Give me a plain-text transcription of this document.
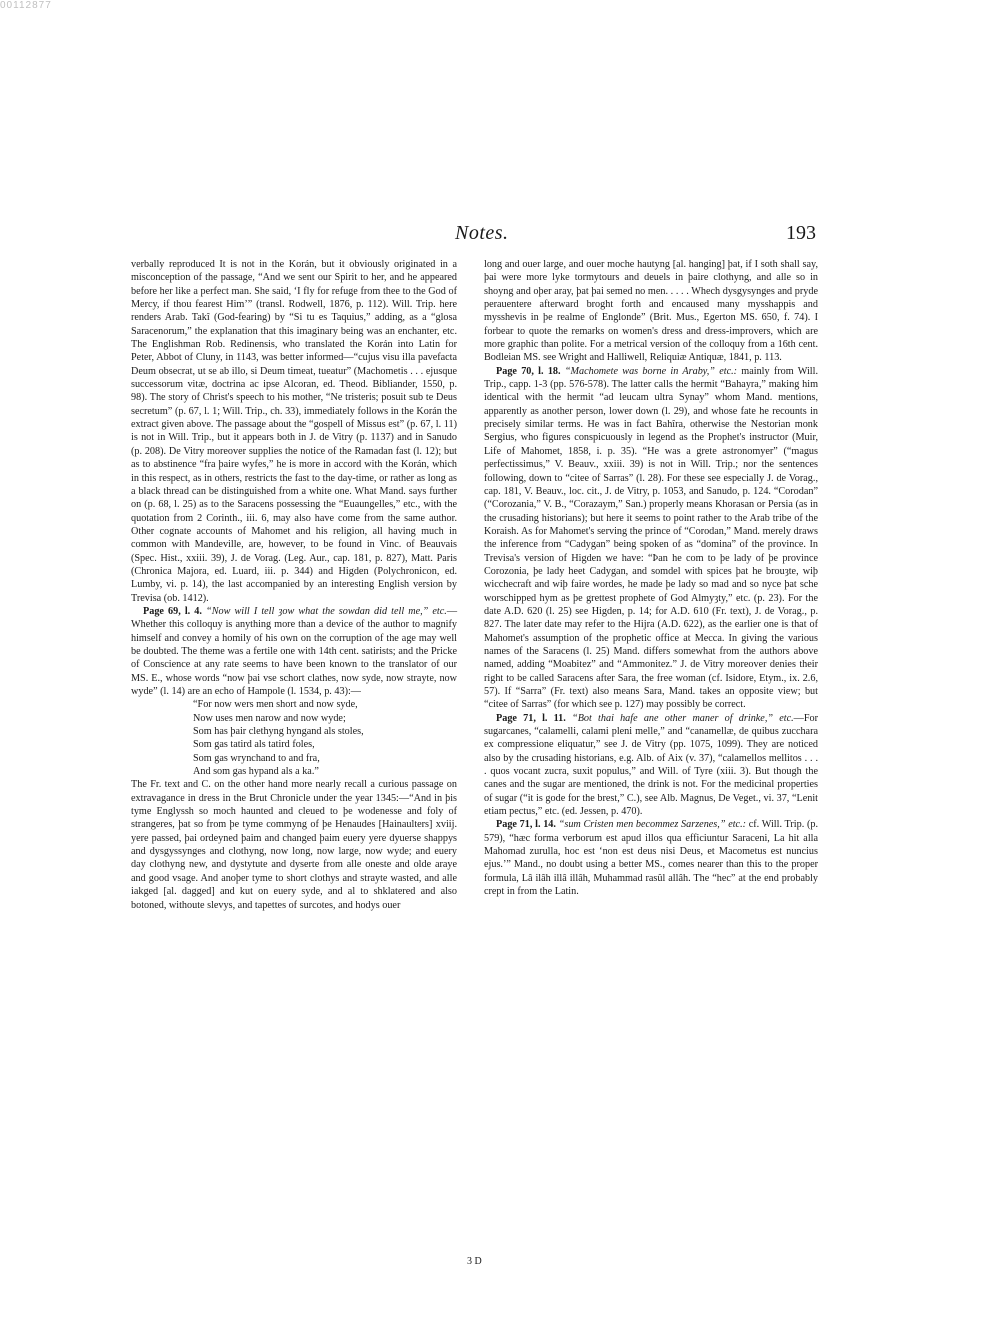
00112877
Notes.	193

verbally reproduced It is not in the Korán, but it obviously originated in a misconception of the passage, “And we sent our Spirit to her, and he appeared before her like a perfect man. She said, ‘I fly for refuge from thee to the God of Mercy, if thou fearest Him’” (transl. Rodwell, 1876, p. 112). Will. Trip. here renders Arab. Takî (God-fearing) by “Si tu es Taquius,” adding, as a “glosa Saracenorum,” the explanation that this imaginary being was an enchanter, etc. The Englishman Rob. Redinensis, who translated the Korán into Latin for Peter, Abbot of Cluny, in 1143, was better informed—“cujus visu illa pavefacta Deum obsecrat, ut se ab illo, si Deum timeat, tueatur” (Machometis . . . ejusque successorum vitæ, doctrina ac ipse Alcoran, ed. Theod. Bibliander, 1550, p. 98). The story of Christ's speech to his mother, “Ne tristeris; posuit sub te Deus secretum” (p. 67, l. 1; Will. Trip., ch. 33), immediately follows in the Korán the extract given above. The passage about the “gospell of Missus est” (p. 67, l. 11) is not in Will. Trip., but it appears both in J. de Vitry (p. 1137) and in Sanudo (p. 208). De Vitry moreover supplies the notice of the Ramadan fast (l. 12); but as to abstinence “fra þaire wyfes,” he is more in accord with the Korán, which in this respect, as in others, restricts the fast to the day-time, or rather as long as a black thread can be distinguished from a white one. What Mand. says further on (p. 68, l. 25) as to the Saracens possessing the “Euaungelles,” etc., with the quotation from 2 Corinth., iii. 6, may also have come from the same author. Other cognate accounts of Mahomet and his religion, all having much in common with Mandeville, are, however, to be found in Vinc. of Beauvais (Spec. Hist., xxiii. 39), J. de Vorag. (Leg. Aur., cap. 181, p. 827), Matt. Paris (Chronica Majora, ed. Luard, iii. p. 344) and Higden (Polychronicon, ed. Lumby, vi. p. 14), the last accompanied by an interesting English version by Trevisa (ob. 1412).

Page 69, l. 4. “Now will I tell ȝow what the sowdan did tell me,” etc.—Whether this colloquy is anything more than a device of the author to magnify himself and convey a homily of his own on the corruption of the age may well be doubted. The theme was a fertile one with 14th cent. satirists; and the Pricke of Conscience at any rate seems to have been known to the translator of our MS. E., whose words “now þai vse schort clathes, now syde, now strayte, now wyde” (l. 14) are an echo of Hampole (l. 1534, p. 43):—

“For now wers men short and now syde,
Now uses men narow and now wyde;
Som has þair clethyng hyngand als stoles,
Som gas tatird als tatird foles,
Som gas wrynchand to and fra,
And som gas hypand als a ka.”

The Fr. text and C. on the other hand more nearly recall a curious passage on extravagance in dress in the Brut Chronicle under the year 1345:—“And in þis tyme Englyssh so moch haunted and cleued to þe wodenesse and foly of strangeres, þat so from þe tyme commyng of þe Henaudes [Hainaulters] xviij. yere passed, þai ordeyned þaim and changed þaim euery yere dyuerse shappys and dysgyssynges and clothyng, now long, now large, now wyde; and euery day clothyng new, and dystytute and dyserte from alle oneste and olde araye and good vsage. And anoþer tyme to short clothys and strayte wasted, and alle iakged [al. dagged] and kut on euery syde, and al to shklatered and also botoned, withoute slevys, and tapettes of surcotes, and hodys ouer

long and ouer large, and ouer moche hautyng [al. hanging] þat, if I soth shall say, þai were more lyke tormytours and deuels in þaire clothyng, and alle so in shoyng and oþer aray, þat þai semed no men. . . . . Whech dysgysynges and pryde perauentere afterward broght forth and encaused many mysshappis and mysshevis in þe realme of Englonde” (Brit. Mus., Egerton MS. 650, f. 74). I forbear to quote the remarks on women's dress and dress-improvers, which are more graphic than polite. For a metrical version of the colloquy from a 16th cent. Bodleian MS. see Wright and Halliwell, Reliquiæ Antiquæ, 1841, p. 113.

Page 70, l. 18. “Machomete was borne in Araby,” etc.: mainly from Will. Trip., capp. 1-3 (pp. 576-578). The latter calls the hermit “Bahayra,” making him identical with the hermit “ad leucam ultra Synay” whom Mand. mentions, apparently as another person, lower down (l. 29), and whose fate he recounts in precisely similar terms. He was in fact Bahîra, otherwise the Nestorian monk Sergius, who figures conspicuously in legend as the Prophet's instructor (Muir, Life of Mahomet, 1858, i. p. 35). “He was a grete astronomyer” (“magus perfectissimus,” V. Beauv., xxiii. 39) is not in Will. Trip.; nor the sentences following, down to “citee of Sarras” (l. 28). For these see especially J. de Vorag., cap. 181, V. Beauv., loc. cit., J. de Vitry, p. 1053, and Sanudo, p. 124. “Corodan” (“Corozania,” V. B., “Corazaym,” San.) properly means Khorasan or Persia (as in the crusading historians); but here it seems to point rather to the Arab tribe of the Koraish. As for Mahomet's serving the prince of “Corodan,” Mand. merely draws the inference from “Cadygan” being spoken of as “domina” of the province. In Trevisa's version of Higden we have: “Þan he com to þe lady of þe province Corozonia, þe lady heet Cadygan, and somdel with spices þat he brouȝte, wiþ wicchecraft and wiþ faire wordes, he made þe lady so mad and so nyce þat sche worschipped hym as þe grettest prophete of God Almyȝty,” etc. (p. 23). For the date A.D. 620 (l. 25) see Higden, p. 14; for A.D. 610 (Fr. text), J. de Vorag., p. 827. The later date may refer to the Hijra (A.D. 622), as the earlier one is that of Mahomet's assumption of the prophetic office at Mecca. In giving the various names of the Saracens (l. 25) Mand. differs somewhat from the authors above named, adding “Moabitez” and “Ammonitez.” J. de Vitry moreover denies their right to be called Saracens after Sara, the free woman (cf. Isidore, Etym., ix. 2.6, 57). If “Sarra” (Fr. text) also means Sara, Mand. takes an opposite view; but “citee of Sarras” (for which see p. 127) may possibly be correct.

Page 71, l. 11. “Bot thai hafe ane other maner of drinke,” etc.—For sugarcanes, “calamelli, calami pleni melle,” and “canamellæ, de quibus zucchara ex compressione eliquatur,” see J. de Vitry (pp. 1075, 1099). They are noticed also by the crusading historians, e.g. Alb. of Aix (v. 37), “calamellos mellitos . . . . quos vocant zucra, suxit populus,” and Will. of Tyre (xiii. 3). But though the canes and the sugar are mentioned, the drink is not. For the medicinal properties of sugar (“it is gode for the brest,” C.), see Alb. Magnus, De Veget., vi. 37, “Lenit etiam pectus,” etc. (ed. Jessen, p. 470).

Page 71, l. 14. “sum Cristen men becommez Sarzenes,” etc.: cf. Will. Trip. (p. 579), “hæc forma verborum est apud illos qua efficiuntur Saraceni, La hit alla Mahomad zurulla, hoc est ‘non est deus nisi Deus, et Macometus est nuncius ejus.’” Mand., no doubt using a better MS., comes nearer than this to the proper formula, Lâ ilâh illâ illâh, Muhammad rasûl allâh. The “hec” at the end probably crept in from the Latin.

3 D
